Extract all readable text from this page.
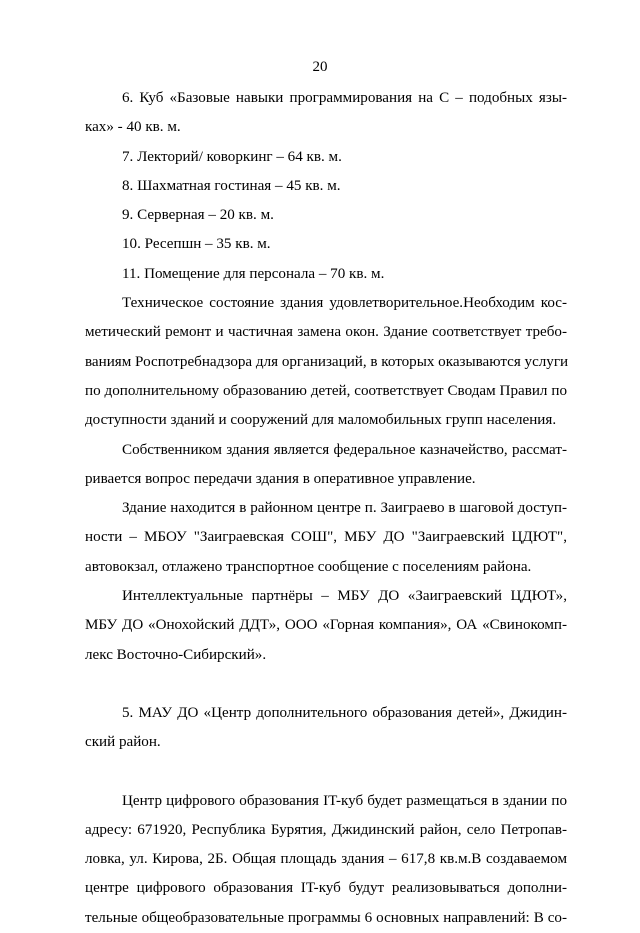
20
6. Куб «Базовые навыки программирования на С – подобных язы-
ках» - 40 кв. м.
7. Лекторий/ коворкинг – 64 кв. м.
8. Шахматная гостиная – 45 кв. м.
9. Серверная – 20 кв. м.
10. Ресепшн – 35 кв. м.
11. Помещение для персонала – 70 кв. м.
Техническое состояние здания удовлетворительное.Необходим кос-
метический ремонт и частичная замена окон. Здание соответствует требо-
ваниям Роспотребнадзора для организаций, в которых оказываются услуги
по дополнительному образованию детей, соответствует Сводам Правил по
доступности зданий и сооружений для маломобильных групп населения.
Собственником здания является федеральное казначейство, рассмат-
ривается вопрос передачи здания в оперативное управление.
Здание находится в районном центре п. Заиграево в шаговой доступ-
ности – МБОУ "Заиграевская СОШ", МБУ ДО "Заиграевский ЦДЮТ",
автовокзал, отлажено транспортное сообщение с поселениям района.
Интеллектуальные партнёры – МБУ ДО «Заиграевский ЦДЮТ»,
МБУ ДО «Онохойский ДДТ», ООО «Горная компания», ОА «Свинокомп-
лекс Восточно-Сибирский».
5. МАУ ДО «Центр дополнительного образования детей», Джидин-
ский район.
Центр цифрового образования IT-куб будет размещаться в здании по
адресу: 671920, Республика Бурятия, Джидинский район, село Петропав-
ловка, ул. Кирова, 2Б. Общая площадь здания – 617,8 кв.м.В создаваемом
центре цифрового образования IT-куб будут реализовываться дополни-
тельные общеобразовательные программы 6 основных направлений: В со-
